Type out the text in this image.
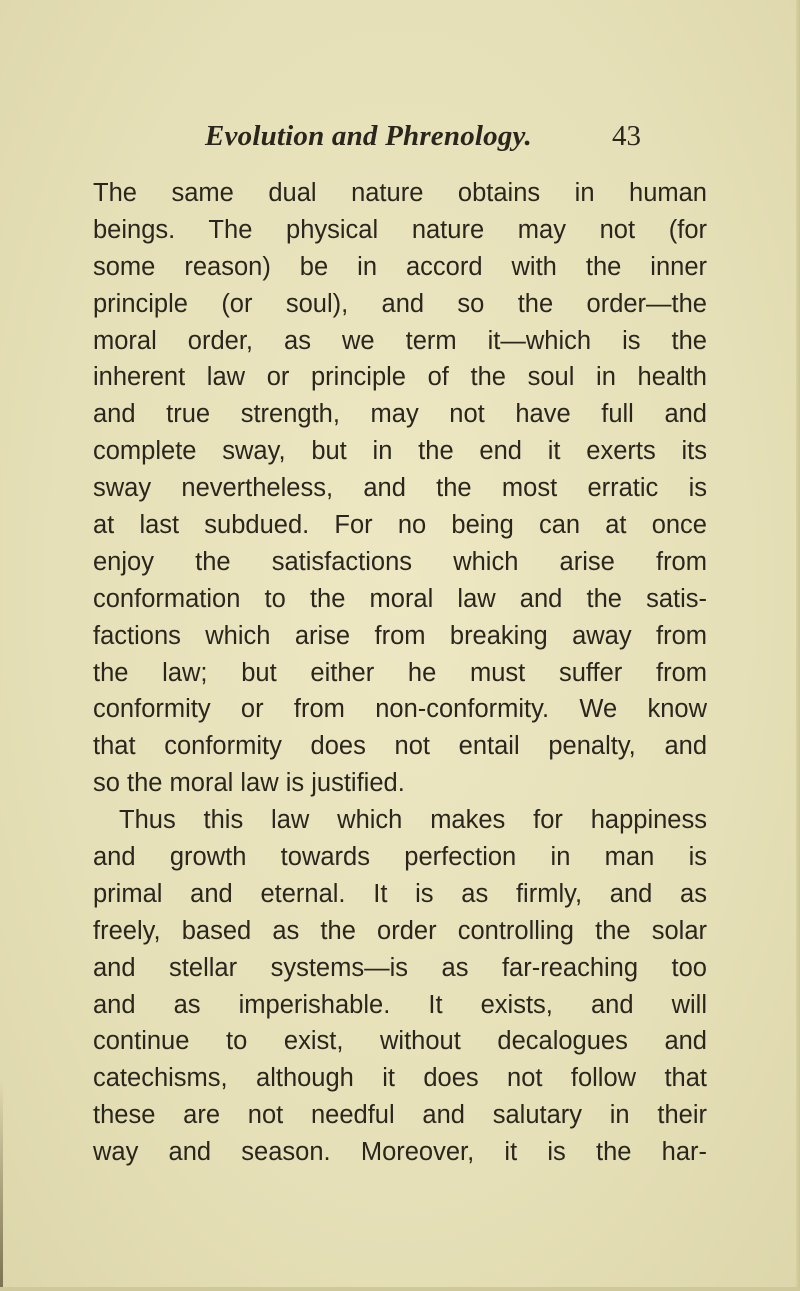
Evolution and Phrenology.	43
The same dual nature obtains in human
beings. The physical nature may not (for
some reason) be in accord with the inner
principle (or soul), and so the order—the
moral order, as we term it—which is the
inherent law or principle of the soul in health
and true strength, may not have full and
complete sway, but in the end it exerts its
sway nevertheless, and the most erratic is
at last subdued. For no being can at once
enjoy the satisfactions which arise from
conformation to the moral law and the satis-
factions which arise from breaking away from
the law; but either he must suffer from
conformity or from non-conformity. We know
that conformity does not entail penalty, and
so the moral law is justified.
Thus this law which makes for happiness
and growth towards perfection in man is
primal and eternal. It is as firmly, and as
freely, based as the order controlling the solar
and stellar systems—is as far-reaching too
and as imperishable. It exists, and will
continue to exist, without decalogues and
catechisms, although it does not follow that
these are not needful and salutary in their
way and season. Moreover, it is the har-
